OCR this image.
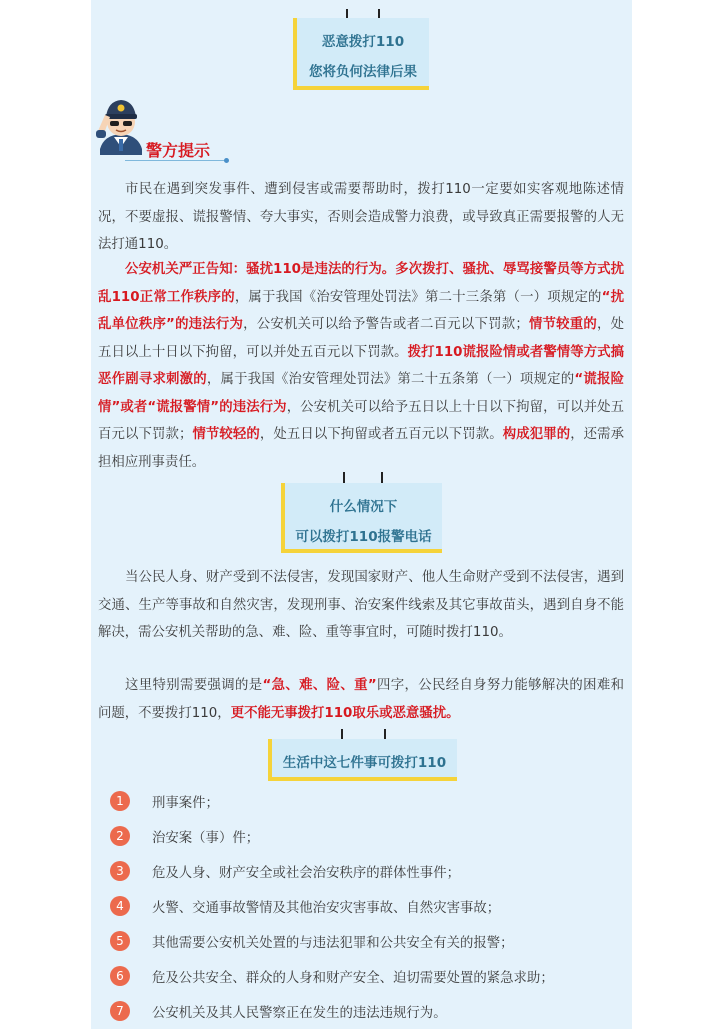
恶意拨打110
您将负何法律后果
警方提示

市民在遇到突发事件、遭到侵害或需要帮助时，拨打110一定要如实客观地陈述情况，不要虚报、谎报警情、夸大事实，否则会造成警力浪费，或导致真正需要报警的人无法打通110。

公安机关严正告知：骚扰110是违法的行为。多次拨打、骚扰、辱骂接警员等方式扰乱110正常工作秩序的，属于我国《治安管理处罚法》第二十三条第（一）项规定的“扰乱单位秩序”的违法行为，公安机关可以给予警告或者二百元以下罚款；情节较重的，处五日以上十日以下拘留，可以并处五百元以下罚款。拨打110谎报险情或者警情等方式搞恶作剧寻求刺激的，属于我国《治安管理处罚法》第二十五条第（一）项规定的“谎报险情”或者“谎报警情”的违法行为，公安机关可以给予五日以上十日以下拘留，可以并处五百元以下罚款；情节较轻的，处五日以下拘留或者五百元以下罚款。构成犯罪的，还需承担相应刑事责任。

什么情况下
可以拨打110报警电话

当公民人身、财产受到不法侵害，发现国家财产、他人生命财产受到不法侵害，遇到交通、生产等事故和自然灾害，发现刑事、治安案件线索及其它事故苗头，遇到自身不能解决，需公安机关帮助的急、难、险、重等事宜时，可随时拨打110。

这里特别需要强调的是“急、难、险、重”四字，公民经自身努力能够解决的困难和问题，不要拨打110，更不能无事拨打110取乐或恶意骚扰。

生活中这七件事可拨打110
1	刑事案件；
2	治安案（事）件；
3	危及人身、财产安全或社会治安秩序的群体性事件；
4	火警、交通事故警情及其他治安灾害事故、自然灾害事故；
5	其他需要公安机关处置的与违法犯罪和公共安全有关的报警；
6	危及公共安全、群众的人身和财产安全、迫切需要处置的紧急求助；
7	公安机关及其人民警察正在发生的违法违规行为。
